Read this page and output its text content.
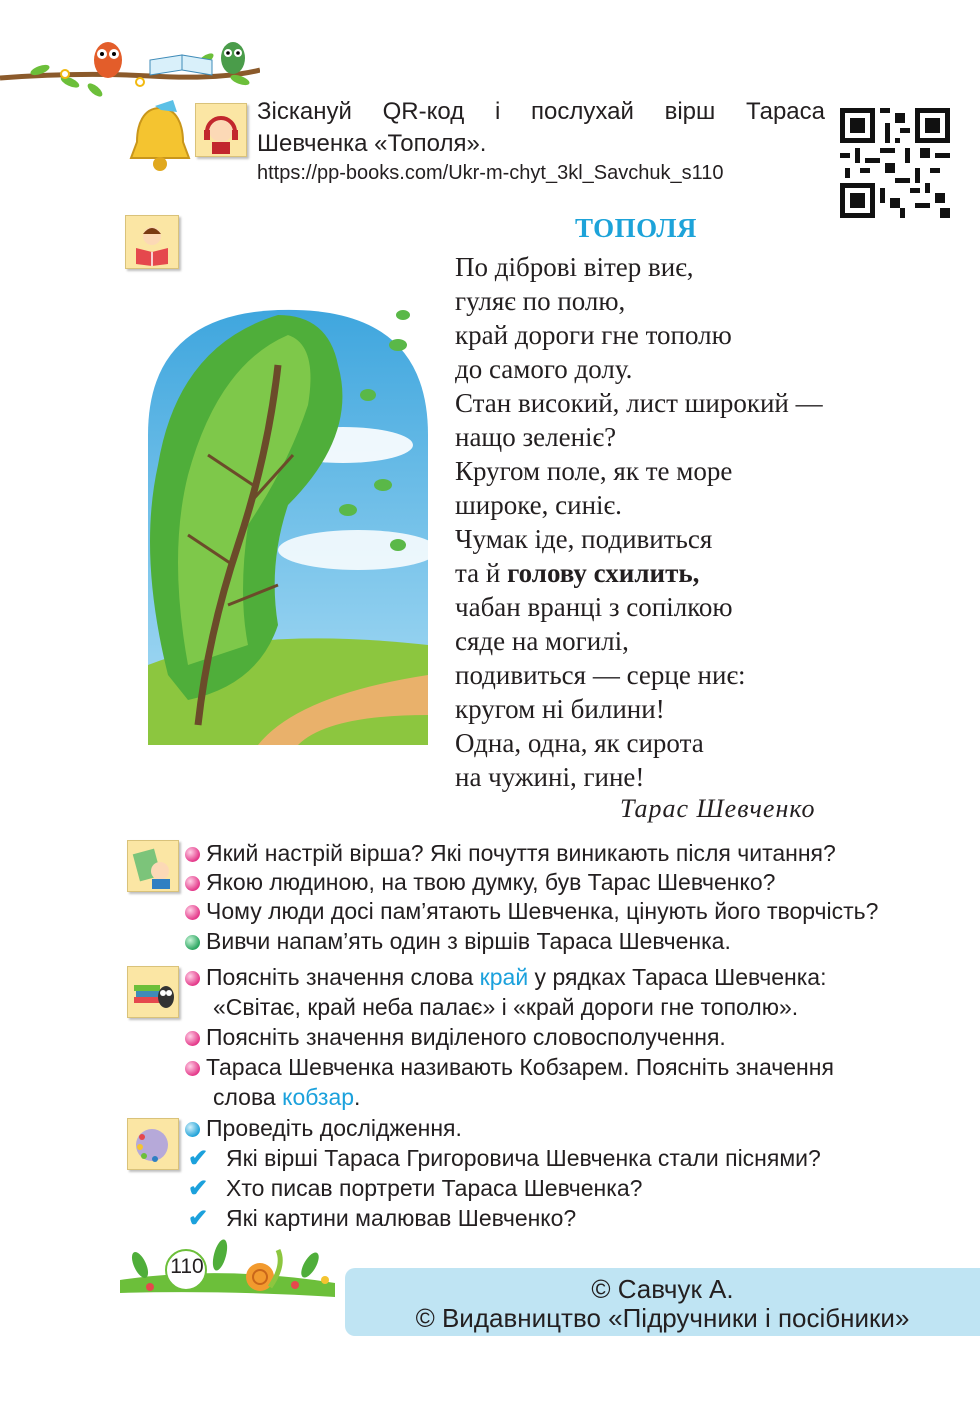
Зіскануй QR-код і послухай вірш Тараса
Шевченка «Тополя».
https://pp-books.com/Ukr-m-chyt_3kl_Savchuk_s110
ТОПОЛЯ
По діброві вітер виє,
гуляє по полю,
край дороги гне тополю
до самого долу.
Стан високий, лист широкий —
нащо зеленіє?
Кругом поле, як те море
широке, синіє.
Чумак іде, подивиться
та й голову схилить,
чабан вранці з сопілкою
сяде на могилі,
подивиться — серце ниє:
кругом ні билини!
Одна, одна, як сирота
на чужині, гине!
Тарас Шевченко
Який настрій вірша? Які почуття виникають після читання?
Якою людиною, на твою думку, був Тарас Шевченко?
Чому люди досі пам’ятають Шевченка, цінують його творчість?
Вивчи напам’ять один з віршів Тараса Шевченка.
Поясніть значення слова край у рядках Тараса Шевченка:
«Світає, край неба палає» і «край дороги гне тополю».
Поясніть значення виділеного словосполучення.
Тараса Шевченка називають Кобзарем. Поясніть значення
слова кобзар.
Проведіть дослідження.
✔ Які вірші Тараса Григоровича Шевченка стали піснями?
✔ Хто писав портрети Тараса Шевченка?
✔ Які картини малював Шевченко?
110
© Савчук А.
© Видавництво «Підручники і посібники»
